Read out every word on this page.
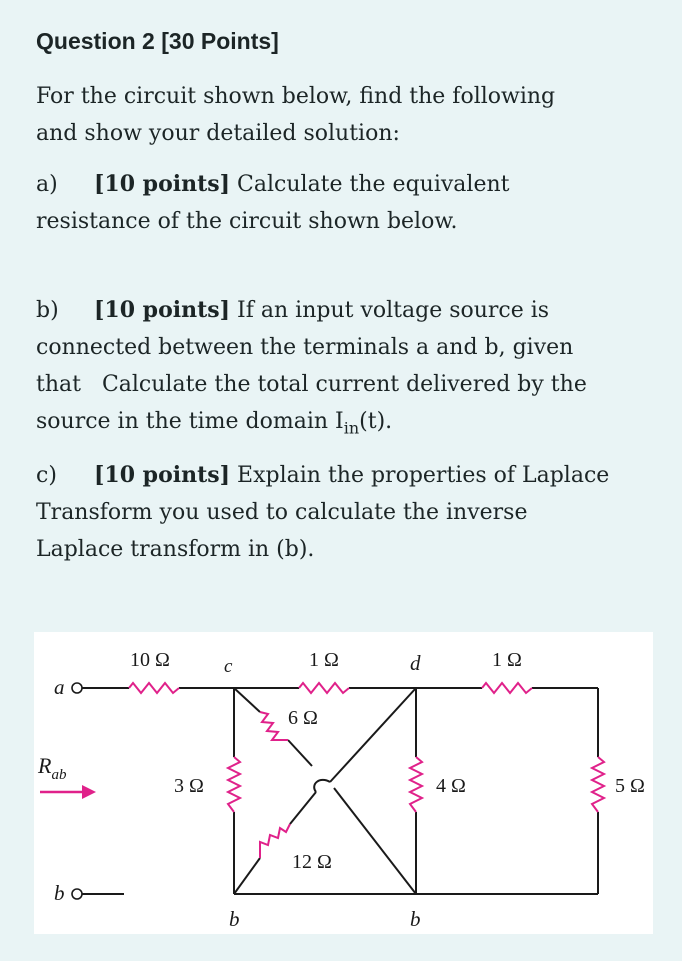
Question 2 [30 Points]
For the circuit shown below, find the following
and show your detailed solution:
a) [10 points] Calculate the equivalent
resistance of the circuit shown below.
b) [10 points] If an input voltage source is
connected between the terminals a and b, given
that   Calculate the total current delivered by the
source in the time domain $I_{in}(t)$.
c) [10 points] Explain the properties of Laplace
Transform you used to calculate the inverse
Laplace transform in (b).
a
b
$R_{ab}$
c	d
b	b
10 Ω	1 Ω
6 Ω
1 Ω
3 Ω	4 Ω	5 Ω
12 Ω
